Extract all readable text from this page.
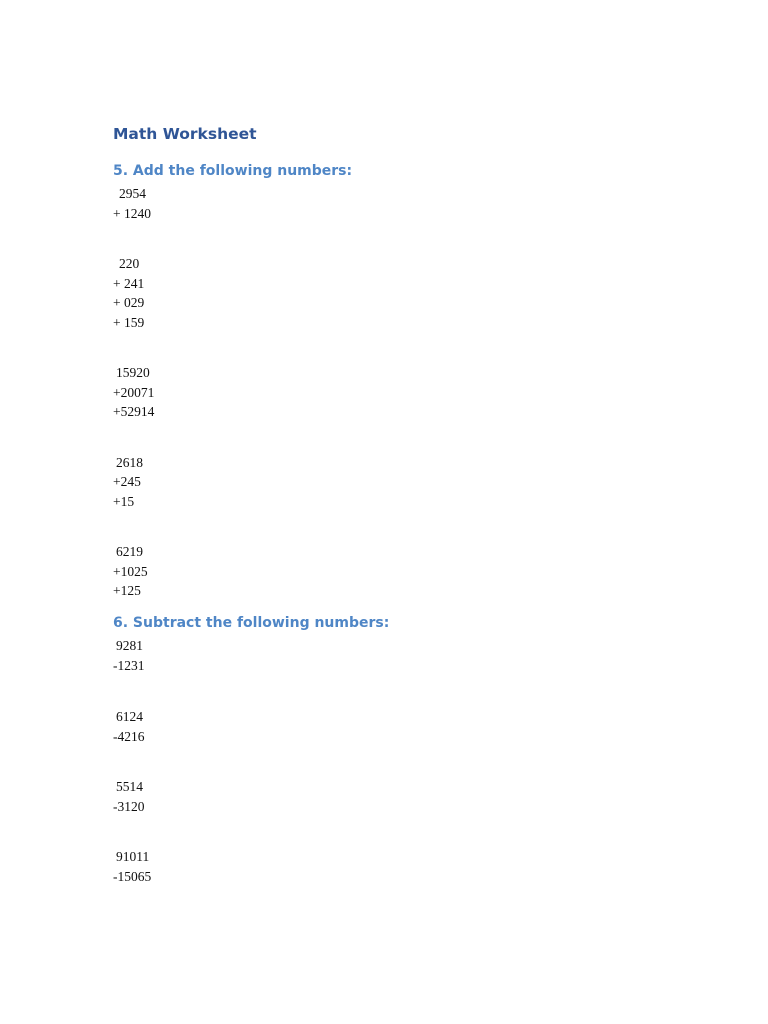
Math Worksheet
5. Add the following numbers:
6. Subtract the following numbers:
2954
+ 1240
220
+ 241
+ 029
+ 159
15920
+20071
+52914
2618
+245
+15
6219
+1025
+125
9281
-1231
6124
-4216
5514
-3120
91011
-15065
